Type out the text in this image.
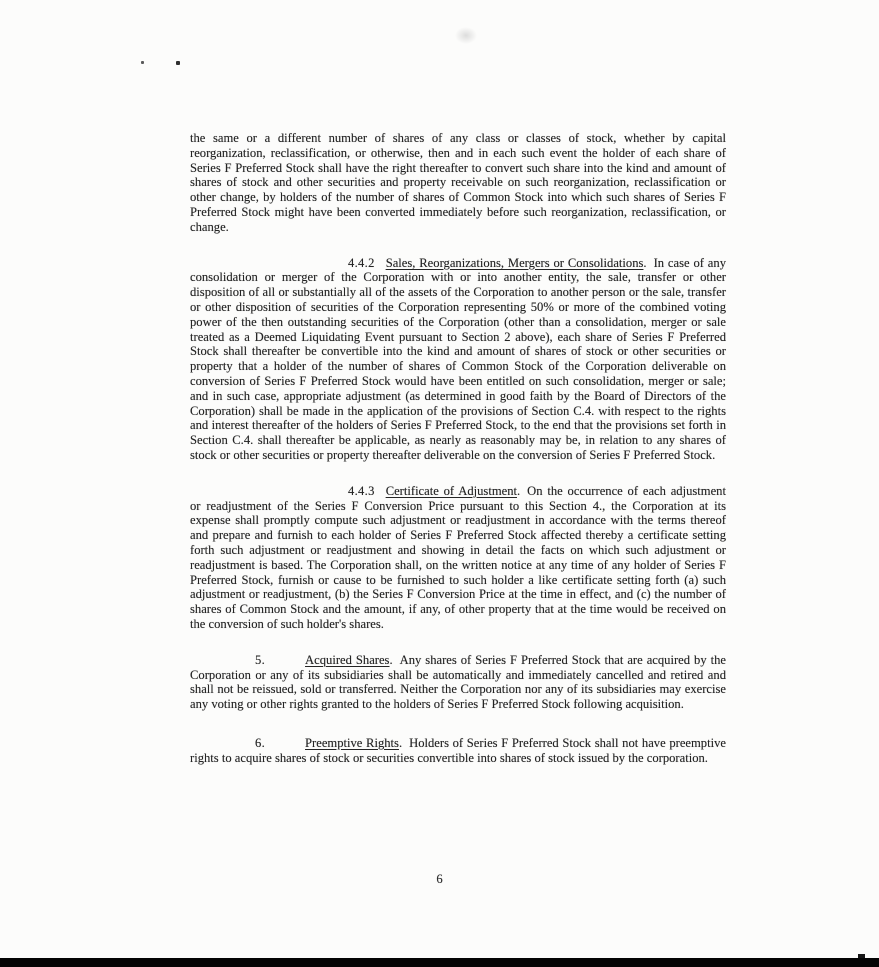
the same or a different number of shares of any class or classes of stock, whether by capital reorganization, reclassification, or otherwise, then and in each such event the holder of each share of Series F Preferred Stock shall have the right thereafter to convert such share into the kind and amount of shares of stock and other securities and property receivable on such reorganization, reclassification or other change, by holders of the number of shares of Common Stock into which such shares of Series F Preferred Stock might have been converted immediately before such reorganization, reclassification, or change.

4.4.2 Sales, Reorganizations, Mergers or Consolidations. In case of any consolidation or merger of the Corporation with or into another entity, the sale, transfer or other disposition of all or substantially all of the assets of the Corporation to another person or the sale, transfer or other disposition of securities of the Corporation representing 50% or more of the combined voting power of the then outstanding securities of the Corporation (other than a consolidation, merger or sale treated as a Deemed Liquidating Event pursuant to Section 2 above), each share of Series F Preferred Stock shall thereafter be convertible into the kind and amount of shares of stock or other securities or property that a holder of the number of shares of Common Stock of the Corporation deliverable on conversion of Series F Preferred Stock would have been entitled on such consolidation, merger or sale; and in such case, appropriate adjustment (as determined in good faith by the Board of Directors of the Corporation) shall be made in the application of the provisions of Section C.4. with respect to the rights and interest thereafter of the holders of Series F Preferred Stock, to the end that the provisions set forth in Section C.4. shall thereafter be applicable, as nearly as reasonably may be, in relation to any shares of stock or other securities or property thereafter deliverable on the conversion of Series F Preferred Stock.

4.4.3 Certificate of Adjustment. On the occurrence of each adjustment or readjustment of the Series F Conversion Price pursuant to this Section 4., the Corporation at its expense shall promptly compute such adjustment or readjustment in accordance with the terms thereof and prepare and furnish to each holder of Series F Preferred Stock affected thereby a certificate setting forth such adjustment or readjustment and showing in detail the facts on which such adjustment or readjustment is based. The Corporation shall, on the written notice at any time of any holder of Series F Preferred Stock, furnish or cause to be furnished to such holder a like certificate setting forth (a) such adjustment or readjustment, (b) the Series F Conversion Price at the time in effect, and (c) the number of shares of Common Stock and the amount, if any, of other property that at the time would be received on the conversion of such holder's shares.

5.	Acquired Shares. Any shares of Series F Preferred Stock that are acquired by the Corporation or any of its subsidiaries shall be automatically and immediately cancelled and retired and shall not be reissued, sold or transferred. Neither the Corporation nor any of its subsidiaries may exercise any voting or other rights granted to the holders of Series F Preferred Stock following acquisition.

6.	Preemptive Rights. Holders of Series F Preferred Stock shall not have preemptive rights to acquire shares of stock or securities convertible into shares of stock issued by the corporation.

6
